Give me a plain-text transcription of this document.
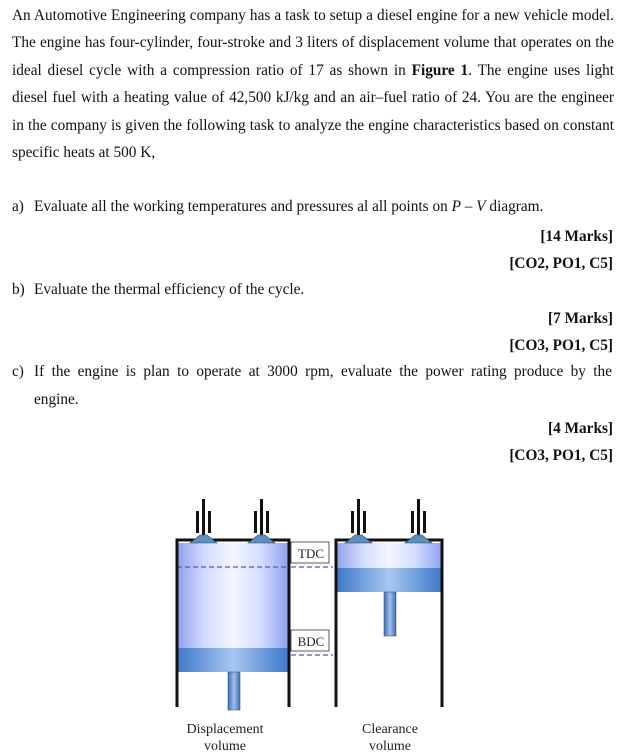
An Automotive Engineering company has a task to setup a diesel engine for a new vehicle model. The engine has four-cylinder, four-stroke and 3 liters of displacement volume that operates on the ideal diesel cycle with a compression ratio of 17 as shown in Figure 1. The engine uses light diesel fuel with a heating value of 42,500 kJ/kg and an air–fuel ratio of 24. You are the engineer in the company is given the following task to analyze the engine characteristics based on constant specific heats at 500 K,

a) Evaluate all the working temperatures and pressures al all points on P – V diagram.

[14 Marks]

[CO2, PO1, C5]

b) Evaluate the thermal efficiency of the cycle.

[7 Marks]

[CO3, PO1, C5]

c) If the engine is plan to operate at 3000 rpm, evaluate the power rating produce by the

engine.

[4 Marks]

[CO3, PO1, C5]

TDC
BDC
Displacement
volume
Clearance
volume
